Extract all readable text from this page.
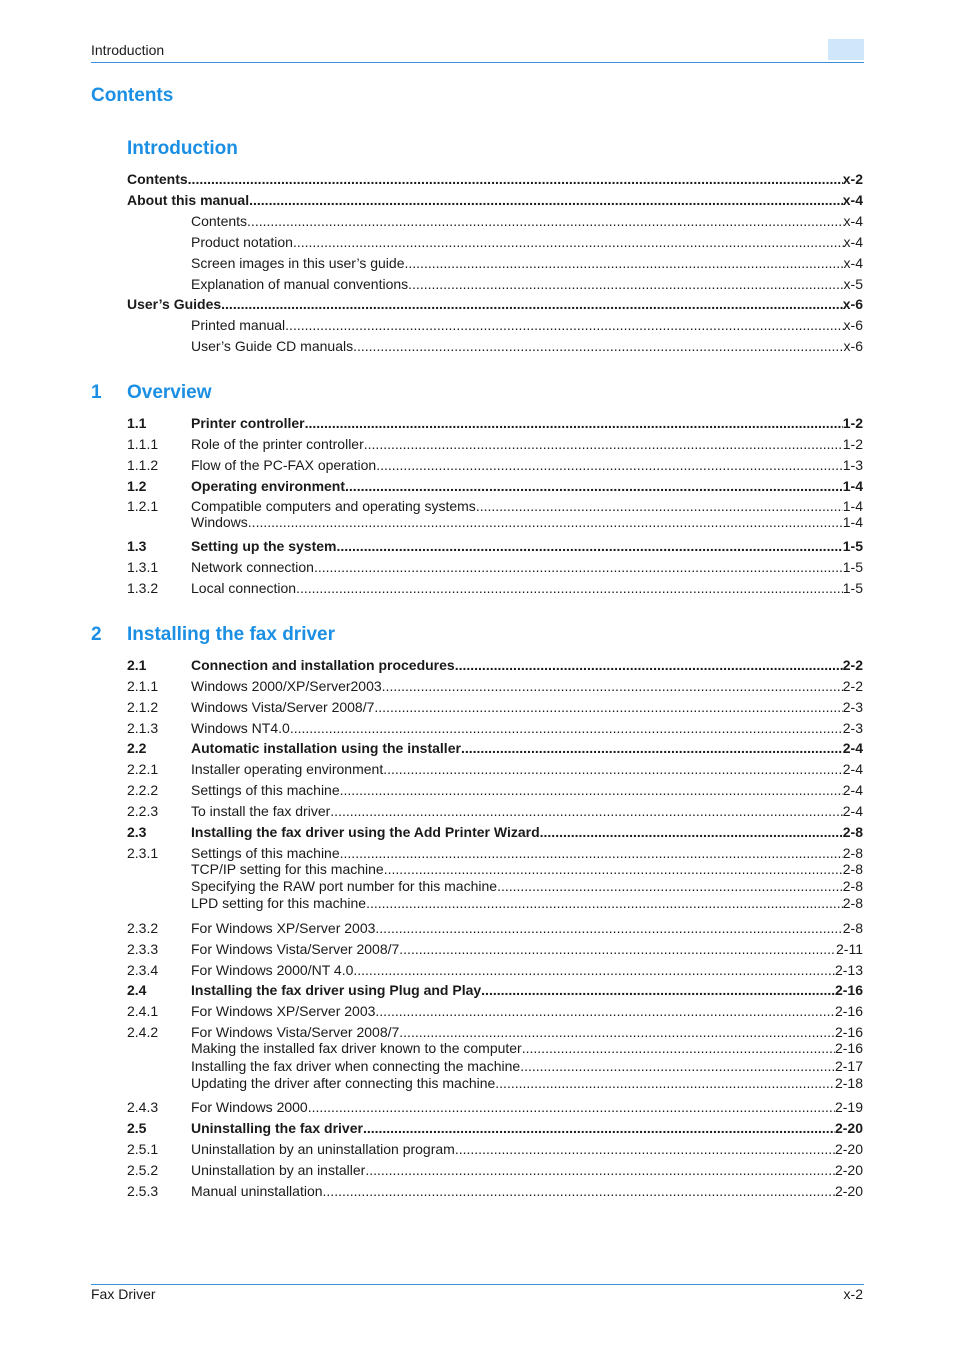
Introduction
Contents
Introduction
Contents .....	x-2
About this manual .....	x-4
Contents .....	x-4
Product notation .....	x-4
Screen images in this user’s guide .....	x-4
Explanation of manual conventions .....	x-5
User’s Guides .....	x-6
Printed manual .....	x-6
User’s Guide CD manuals .....	x-6
1 Overview
1.1	Printer controller .....	1-2
1.1.1 Role of the printer controller .....	1-2
1.1.2 Flow of the PC-FAX operation .....	1-3
1.2	Operating environment .....	1-4
1.2.1 Compatible computers and operating systems .....	1-4
Windows .....	1-4
1.3	Setting up the system .....	1-5
1.3.1 Network connection .....	1-5
1.3.2 Local connection .....	1-5
2 Installing the fax driver
2.1	Connection and installation procedures .....	2-2
2.1.1 Windows 2000/XP/Server2003 .....	2-2
2.1.2 Windows Vista/Server 2008/7 .....	2-3
2.1.3 Windows NT4.0 .....	2-3
2.2	Automatic installation using the installer .....	2-4
2.2.1 Installer operating environment .....	2-4
2.2.2 Settings of this machine .....	2-4
2.2.3 To install the fax driver .....	2-4
2.3	Installing the fax driver using the Add Printer Wizard .....	2-8
2.3.1 Settings of this machine .....	2-8
TCP/IP setting for this machine .....	2-8
Specifying the RAW port number for this machine .....	2-8
LPD setting for this machine .....	2-8
2.3.2 For Windows XP/Server 2003 .....	2-8
2.3.3 For Windows Vista/Server 2008/7 .....	2-11
2.3.4 For Windows 2000/NT 4.0 .....	2-13
2.4	Installing the fax driver using Plug and Play .....	2-16
2.4.1 For Windows XP/Server 2003 .....	2-16
2.4.2 For Windows Vista/Server 2008/7 .....	2-16
Making the installed fax driver known to the computer .....	2-16
Installing the fax driver when connecting the machine .....	2-17
Updating the driver after connecting this machine .....	2-18
2.4.3 For Windows 2000 .....	2-19
2.5	Uninstalling the fax driver .....	2-20
2.5.1 Uninstallation by an uninstallation program .....	2-20
2.5.2 Uninstallation by an installer .....	2-20
2.5.3 Manual uninstallation .....	2-20
Fax Driver	x-2
